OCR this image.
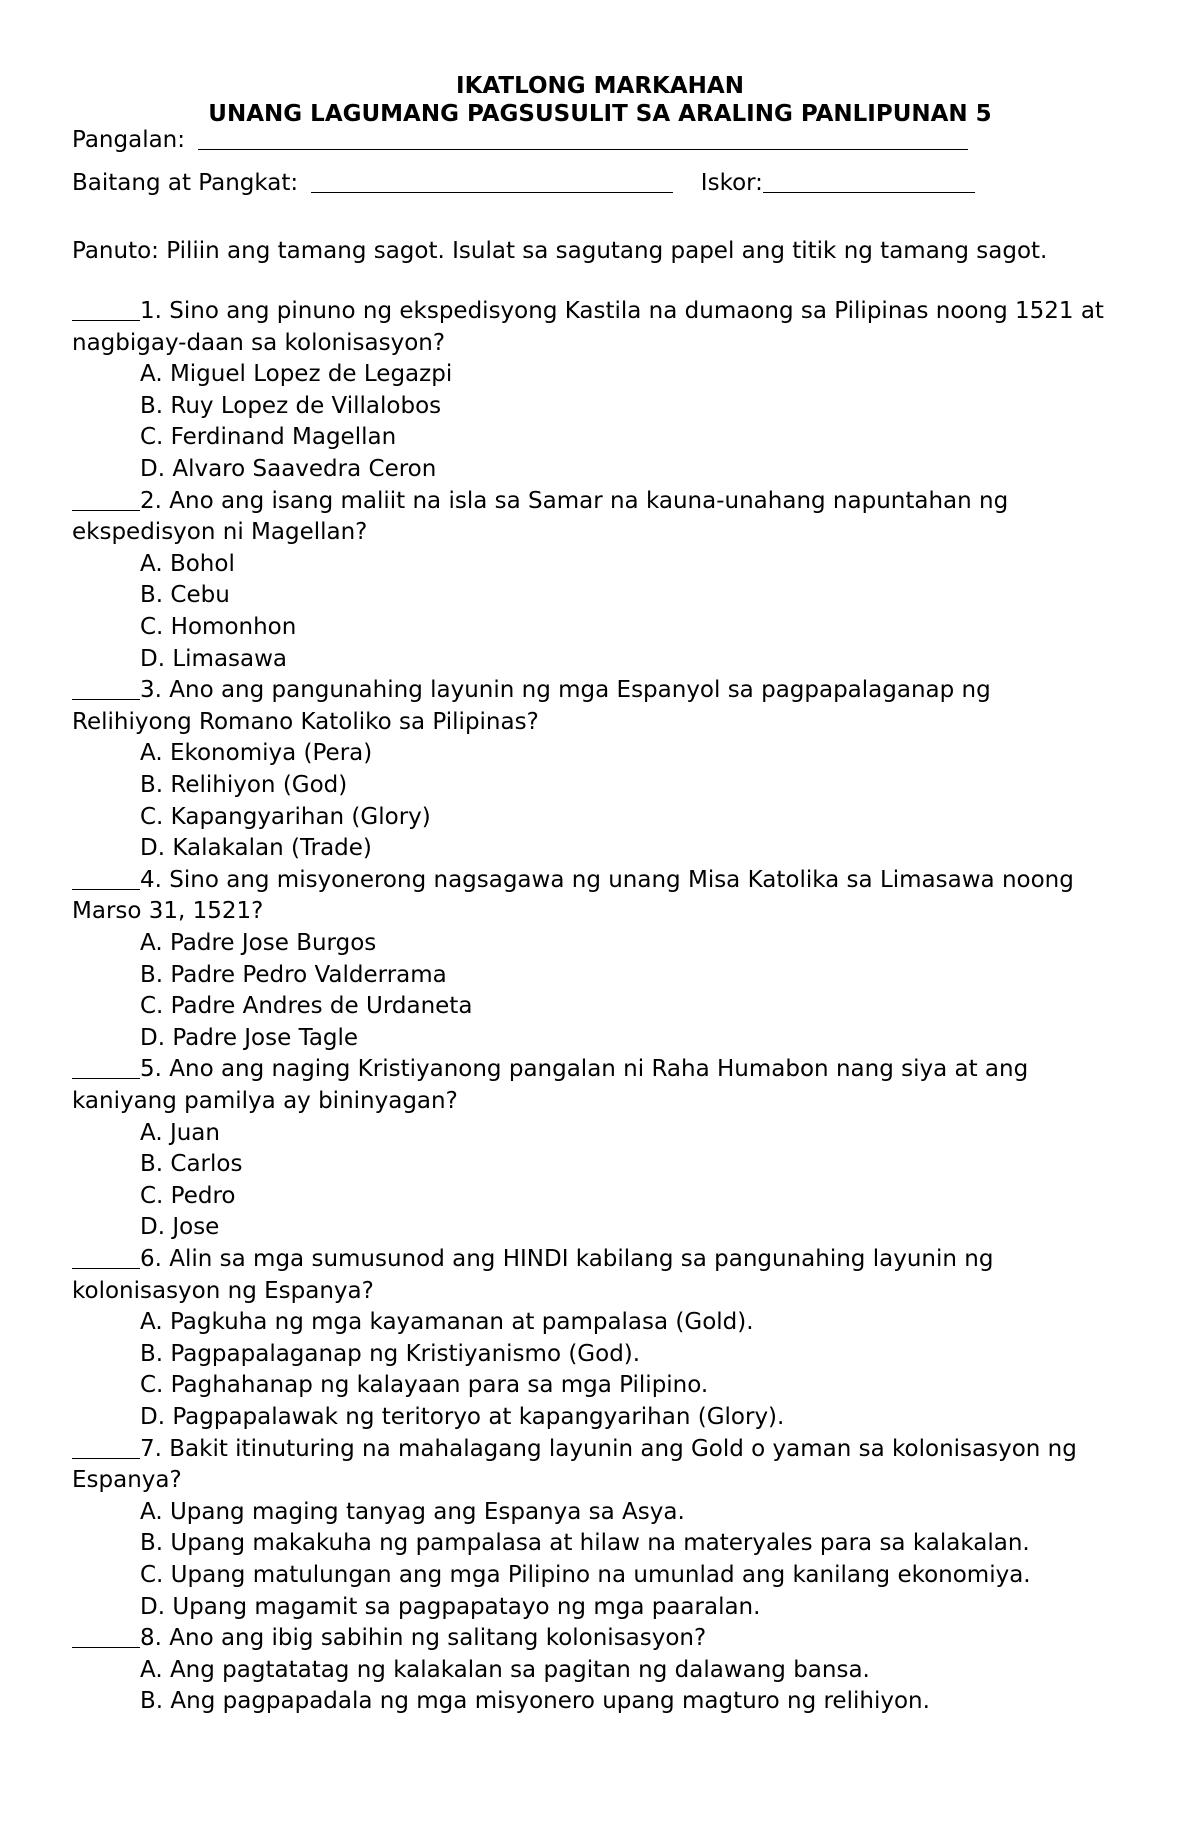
IKATLONG MARKAHAN
UNANG LAGUMANG PAGSUSULIT SA ARALING PANLIPUNAN 5
Pangalan:
Baitang at Pangkat:	Iskor:
Panuto: Piliin ang tamang sagot. Isulat sa sagutang papel ang titik ng tamang sagot.
1. Sino ang pinuno ng ekspedisyong Kastila na dumaong sa Pilipinas noong 1521 at
nagbigay-daan sa kolonisasyon?
A. Miguel Lopez de Legazpi
B. Ruy Lopez de Villalobos
C. Ferdinand Magellan
D. Alvaro Saavedra Ceron
2. Ano ang isang maliit na isla sa Samar na kauna-unahang napuntahan ng
ekspedisyon ni Magellan?
A. Bohol
B. Cebu
C. Homonhon
D. Limasawa
3. Ano ang pangunahing layunin ng mga Espanyol sa pagpapalaganap ng
Relihiyong Romano Katoliko sa Pilipinas?
A. Ekonomiya (Pera)
B. Relihiyon (God)
C. Kapangyarihan (Glory)
D. Kalakalan (Trade)
4. Sino ang misyonerong nagsagawa ng unang Misa Katolika sa Limasawa noong
Marso 31, 1521?
A. Padre Jose Burgos
B. Padre Pedro Valderrama
C. Padre Andres de Urdaneta
D. Padre Jose Tagle
5. Ano ang naging Kristiyanong pangalan ni Raha Humabon nang siya at ang
kaniyang pamilya ay bininyagan?
A. Juan
B. Carlos
C. Pedro
D. Jose
6. Alin sa mga sumusunod ang HINDI kabilang sa pangunahing layunin ng
kolonisasyon ng Espanya?
A. Pagkuha ng mga kayamanan at pampalasa (Gold).
B. Pagpapalaganap ng Kristiyanismo (God).
C. Paghahanap ng kalayaan para sa mga Pilipino.
D. Pagpapalawak ng teritoryo at kapangyarihan (Glory).
7. Bakit itinuturing na mahalagang layunin ang Gold o yaman sa kolonisasyon ng
Espanya?
A. Upang maging tanyag ang Espanya sa Asya.
B. Upang makakuha ng pampalasa at hilaw na materyales para sa kalakalan.
C. Upang matulungan ang mga Pilipino na umunlad ang kanilang ekonomiya.
D. Upang magamit sa pagpapatayo ng mga paaralan.
8. Ano ang ibig sabihin ng salitang kolonisasyon?
A. Ang pagtatatag ng kalakalan sa pagitan ng dalawang bansa.
B. Ang pagpapadala ng mga misyonero upang magturo ng relihiyon.
